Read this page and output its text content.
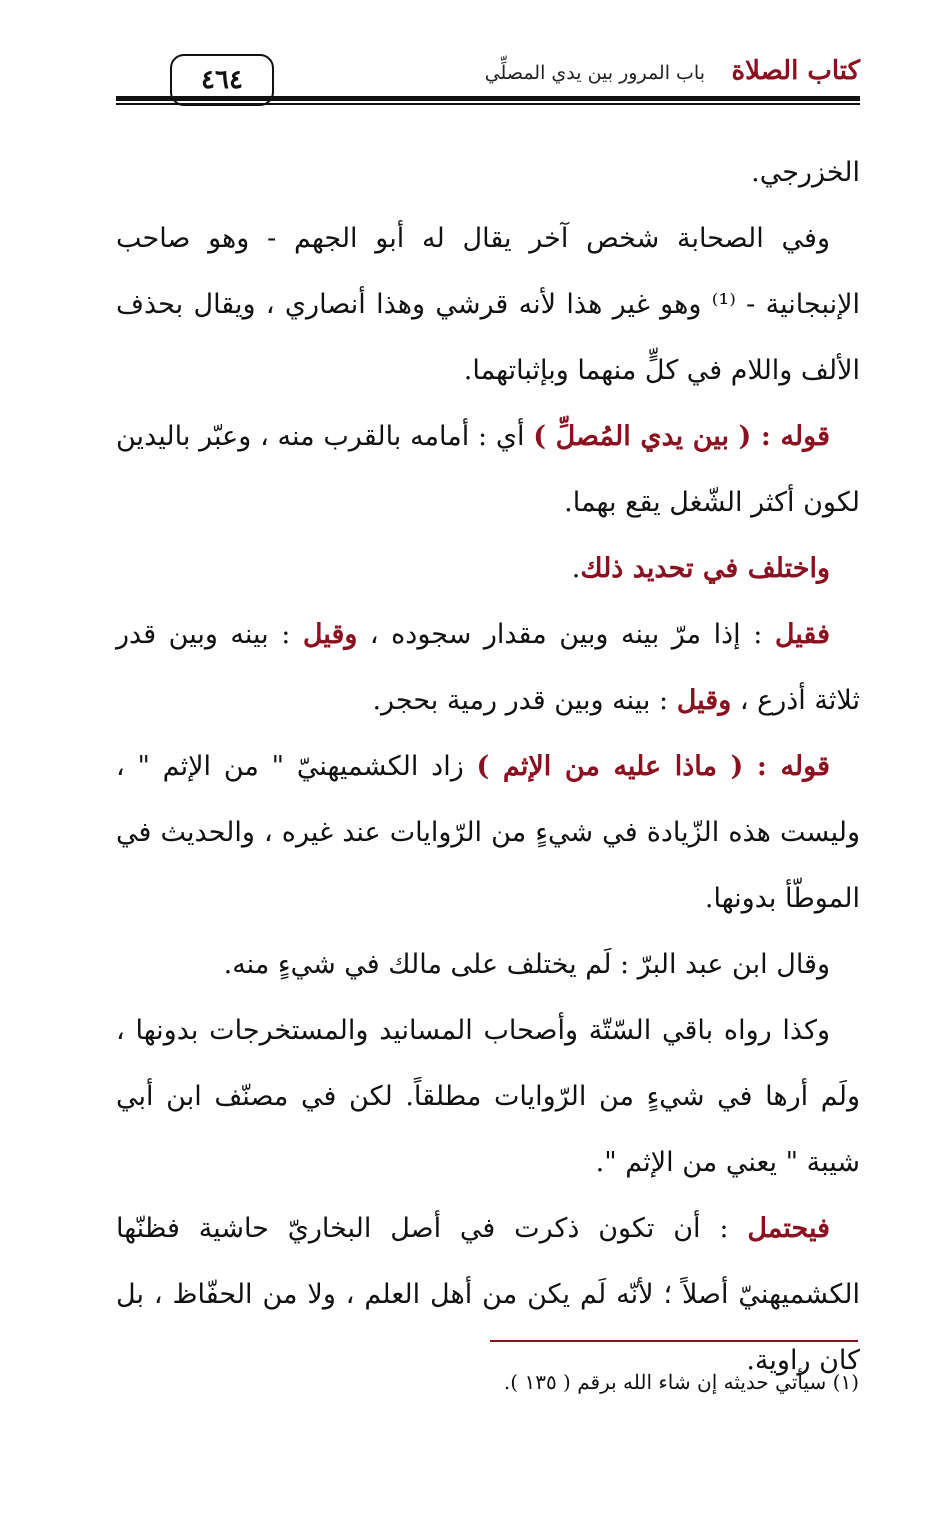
٤٦٤	كتاب الصلاة
باب المرور بين يدي المصلِّي

الخزرجي.

وفي الصحابة شخص آخر يقال له أبو الجهم - وهو صاحب الإنبجانية - ⁽¹⁾ وهو غير هذا لأنه قرشي وهذا أنصاري ، ويقال بحذف الألف واللام في كلٍّ منهما وبإثباتهما.

قوله : ( بين يدي المُصلِّ ) أي : أمامه بالقرب منه ، وعبّر باليدين لكون أكثر الشّغل يقع بهما.

واختلف في تحديد ذلك.

فقيل : إذا مرّ بينه وبين مقدار سجوده ، وقيل : بينه وبين قدر ثلاثة أذرع ، وقيل : بينه وبين قدر رمية بحجر.

قوله : ( ماذا عليه من الإثم ) زاد الكشميهنيّ " من الإثم " ، وليست هذه الزّيادة في شيءٍ من الرّوايات عند غيره ، والحديث في الموطّأ بدونها.

وقال ابن عبد البرّ : لَم يختلف على مالك في شيءٍ منه.

وكذا رواه باقي السّتّة وأصحاب المسانيد والمستخرجات بدونها ، ولَم أرها في شيءٍ من الرّوايات مطلقاً. لكن في مصنّف ابن أبي شيبة " يعني من الإثم ".

فيحتمل : أن تكون ذكرت في أصل البخاريّ حاشية فظنّها الكشميهنيّ أصلاً ؛ لأنّه لَم يكن من أهل العلم ، ولا من الحفّاظ ، بل كان راوية.

(١) سيأتي حديثه إن شاء الله برقم ( ١٣٥ ).
